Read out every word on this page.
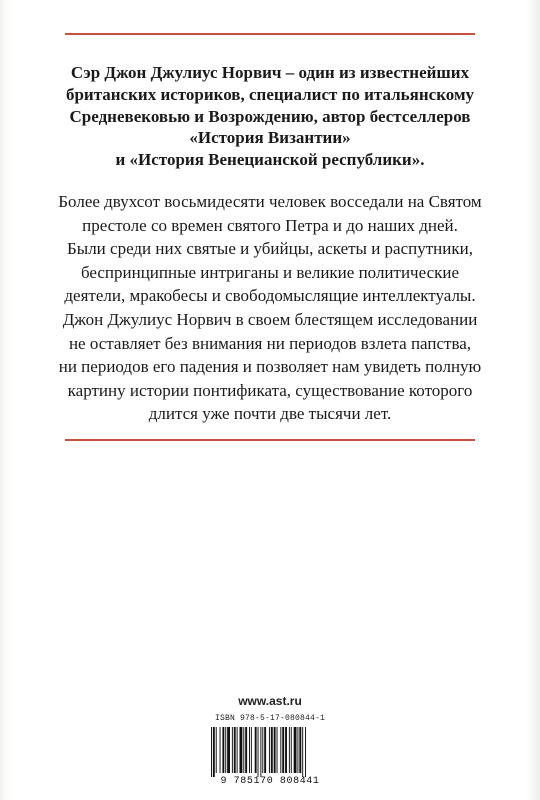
Сэр Джон Джулиус Норвич – один из известнейших
британских историков, специалист по итальянскому
Средневековью и Возрождению, автор бестселлеров
«История Византии»
и «История Венецианской республики».
Более двухсот восьмидесяти человек восседали на Святом
престоле со времен святого Петра и до наших дней.
Были среди них святые и убийцы, аскеты и распутники,
беспринципные интриганы и великие политические
деятели, мракобесы и свободомыслящие интеллектуалы.
Джон Джулиус Норвич в своем блестящем исследовании
не оставляет без внимания ни периодов взлета папства,
ни периодов его падения и позволяет нам увидеть полную
картину истории понтификата, существование которого
длится уже почти две тысячи лет.
www.ast.ru
ISBN 978-5-17-080844-1
9 785170 808441
